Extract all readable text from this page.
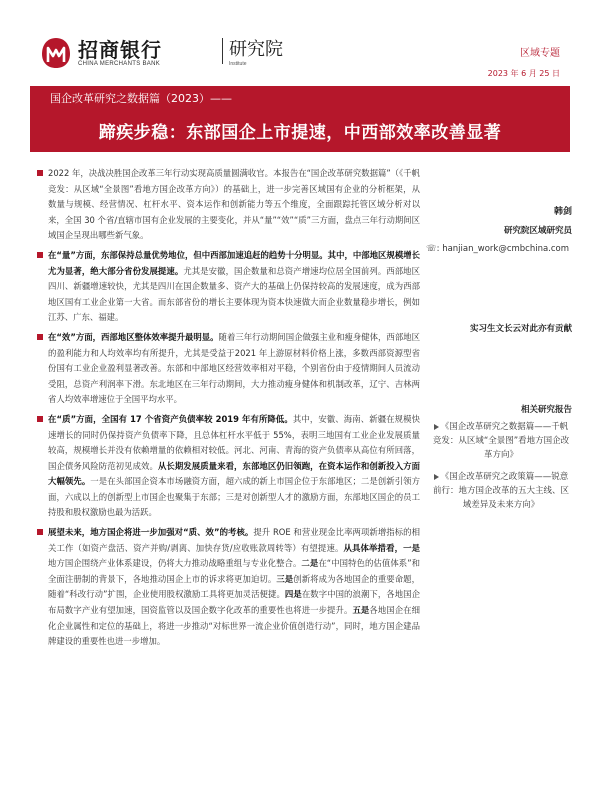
招商银行
CHINA MERCHANTS BANK
研究院
Institute
区域专题
2023 年 6 月 25 日
国企改革研究之数据篇（2023）——
蹄疾步稳：东部国企上市提速，中西部效率改善显著

2022 年，决战决胜国企改革三年行动实现高质量圆满收官。本报告在“国企改革研究数据篇”（《千帆竞发：从区域“全景图”看地方国企改革方向》）的基础上，进一步完善区域国有企业的分析框架，从数量与规模、经营情况、杠杆水平、资本运作和创新能力等五个维度，全面跟踪托管区域分析对以来，全国 30 个省/直辖市国有企业发展的主要变化，并从“量”“效”“质”三方面，盘点三年行动期间区域国企呈现出哪些新气象。

在“量”方面，东部保持总量优势地位，但中西部加速追赶的趋势十分明显。其中，中部地区规模增长尤为显著，绝大部分省份发展提速。尤其是安徽，国企数量和总资产增速均位居全国前列。西部地区四川、新疆增速较快，尤其是四川在国企数量多、资产大的基础上仍保持较高的发展速度，成为西部地区国有工业企业第一大省。而东部省份的增长主要体现为资本快速做大而企业数量稳步增长，例如江苏、广东、福建。

在“效”方面，西部地区整体效率提升最明显。随着三年行动期间国企做强主业和瘦身健体，西部地区的盈利能力和人均效率均有所提升，尤其是受益于2021 年上游原材料价格上涨，多数西部资源型省份国有工业企业盈利显著改善。东部和中部地区经营效率相对平稳，个别省份由于疫情期间人员流动受阻，总资产利润率下滑。东北地区在三年行动期间，大力推动瘦身健体和机制改革，辽宁、吉林两省人均效率增速位于全国平均水平。

在“质”方面，全国有 17 个省资产负债率较 2019 年有所降低。其中，安徽、海南、新疆在规模快速增长的同时仍保持资产负债率下降，且总体杠杆水平低于 55%，表明三地国有工业企业发展质量较高，规模增长并没有依赖增量的依赖相对较低。河北、河南、青海的资产负债率从高位有所回落，国企债务风险防范初见成效。从长期发展质量来看，东部地区仍旧领跑，在资本运作和创新投入方面大幅领先。一是在头部国企资本市场融资方面，超六成的新上市国企位于东部地区；二是创新引领方面，六成以上的创新型上市国企也聚集于东部；三是对创新型人才的激励方面，东部地区国企的员工持股和股权激励也最为活跃。

展望未来，地方国企将进一步加强对“质、效”的考核。提升 ROE 和营业现金比率两项新增指标的相关工作（如资产盘活、资产并购/剥离、加快存货/应收账款周转等）有望提速。从具体举措看，一是地方国企围绕产业体系建设，仍将大力推动战略重组与专业化整合。二是在“中国特色的估值体系”和全面注册制的背景下，各地推动国企上市的诉求将更加迫切。三是创新将成为各地国企的重要命题，随着“科改行动”扩围，企业使用股权激励工具将更加灵活便捷。四是在数字中国的浪潮下，各地国企布局数字产业有望加速，国资监管以及国企数字化改革的重要性也将进一步提升。五是各地国企在细化企业属性和定位的基础上，将进一步推动“对标世界一流企业价值创造行动”，同时，地方国企建品牌建设的重要性也进一步增加。

韩剑
研究院区域研究员
☏: hanjian_work@cmbchina.com
实习生文长云对此亦有贡献
相关研究报告
《国企改革研究之数据篇——千帆竞发：从区域“全景图”看地方国企改革方向》
《国企改革研究之政策篇——锐意前行：地方国企改革的五大主线、区域差异及未来方向》
